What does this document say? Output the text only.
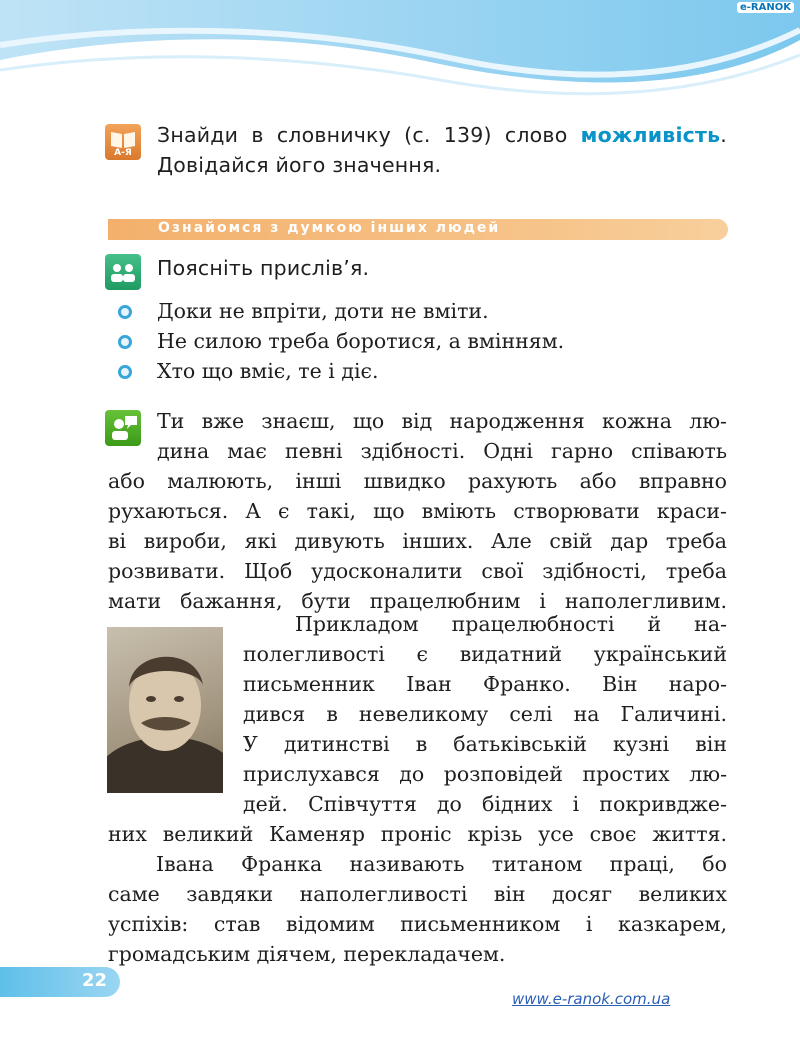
e-RANOK
А-Я
Знайди в словничку (с. 139) слово можливість. Довідайся його значення.
Ознайомся з думкою інших людей
Поясніть прислів’я.
Доки не впріти, доти не вміти.
Не силою треба боротися, а вмінням.
Хто що вміє, те і діє.
Ти вже знаєш, що від народження кожна лю-
дина має певні здібності. Одні гарно співають
або малюють, інші швидко рахують або вправно
рухаються. А є такі, що вміють створювати краси-
ві вироби, які дивують інших. Але свій дар треба
розвивати. Щоб удосконалити свої здібності, треба
мати бажання, бути працелюбним і наполегливим.
Прикладом працелюбності й на-
полегливості є видатний український
письменник Іван Франко. Він наро-
дився в невеликому селі на Галичині.
У дитинстві в батьківській кузні він
прислухався до розповідей простих лю-
дей. Співчуття до бідних і покривдже-
них великий Каменяр проніс крізь усе своє життя.
Івана Франка називають титаном праці, бо
саме завдяки наполегливості він досяг великих
успіхів: став відомим письменником і казкарем,
громадським діячем, перекладачем.
22
www.e-ranok.com.ua
